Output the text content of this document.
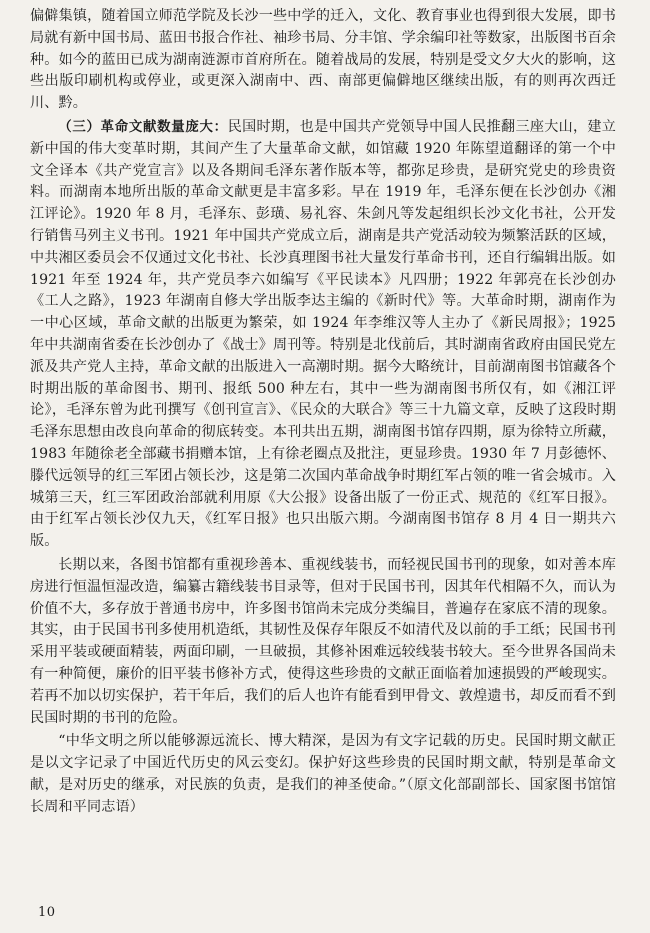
偏僻集镇，随着国立师范学院及长沙一些中学的迁入，文化、教育事业也得到很大发展，即书局就有新中国书局、蓝田书报合作社、袖珍书局、分丰馆、学余编印社等数家，出版图书百余种。如今的蓝田已成为湖南涟源市首府所在。随着战局的发展，特别是受文夕大火的影响，这些出版印刷机构或停业，或更深入湖南中、西、南部更偏僻地区继续出版，有的则再次西迁川、黔。

（三）革命文献数量庞大：民国时期，也是中国共产党领导中国人民推翻三座大山，建立新中国的伟大变革时期，其间产生了大量革命文献，如馆藏 1920 年陈望道翻译的第一个中文全译本《共产党宣言》以及各期间毛泽东著作版本等，都弥足珍贵，是研究党史的珍贵资料。而湖南本地所出版的革命文献更是丰富多彩。早在 1919 年，毛泽东便在长沙创办《湘江评论》。1920 年 8 月，毛泽东、彭璜、易礼容、朱剑凡等发起组织长沙文化书社，公开发行销售马列主义书刊。1921 年中国共产党成立后，湖南是共产党活动较为频繁活跃的区域，中共湘区委员会不仅通过文化书社、长沙真理图书社大量发行革命书刊，还自行编辑出版。如 1921 年至 1924 年，共产党员李六如编写《平民读本》凡四册；1922 年郭亮在长沙创办《工人之路》，1923 年湖南自修大学出版李达主编的《新时代》等。大革命时期，湖南作为一中心区域，革命文献的出版更为繁荣，如 1924 年李维汉等人主办了《新民周报》；1925 年中共湖南省委在长沙创办了《战士》周刊等。特别是北伐前后，其时湖南省政府由国民党左派及共产党人主持，革命文献的出版进入一高潮时期。据今大略统计，目前湖南图书馆藏各个时期出版的革命图书、期刊、报纸 500 种左右，其中一些为湖南图书所仅有，如《湘江评论》，毛泽东曾为此刊撰写《创刊宣言》、《民众的大联合》等三十九篇文章，反映了这段时期毛泽东思想由改良向革命的彻底转变。本刊共出五期，湖南图书馆存四期，原为徐特立所藏，1983 年随徐老全部藏书捐赠本馆，上有徐老圈点及批注，更显珍贵。1930 年 7 月彭德怀、滕代远领导的红三军团占领长沙，这是第二次国内革命战争时期红军占领的唯一省会城市。入城第三天，红三军团政治部就利用原《大公报》设备出版了一份正式、规范的《红军日报》。由于红军占领长沙仅九天，《红军日报》也只出版六期。今湖南图书馆存 8 月 4 日一期共六版。

长期以来，各图书馆都有重视珍善本、重视线装书，而轻视民国书刊的现象，如对善本库房进行恒温恒湿改造，编纂古籍线装书目录等，但对于民国书刊，因其年代相隔不久，而认为价值不大，多存放于普通书房中，许多图书馆尚未完成分类编目，普遍存在家底不清的现象。其实，由于民国书刊多使用机造纸，其韧性及保存年限反不如清代及以前的手工纸；民国书刊采用平装或硬面精装，两面印刷，一旦破损，其修补困难远较线装书较大。至今世界各国尚未有一种简便，廉价的旧平装书修补方式，使得这些珍贵的文献正面临着加速损毁的严峻现实。若再不加以切实保护，若干年后，我们的后人也许有能看到甲骨文、敦煌遗书，却反而看不到民国时期的书刊的危险。

“中华文明之所以能够源远流长、博大精深，是因为有文字记载的历史。民国时期文献正是以文字记录了中国近代历史的风云变幻。保护好这些珍贵的民国时期文献，特别是革命文献，是对历史的继承，对民族的负责，是我们的神圣使命。”（原文化部副部长、国家图书馆馆长周和平同志语）

10
